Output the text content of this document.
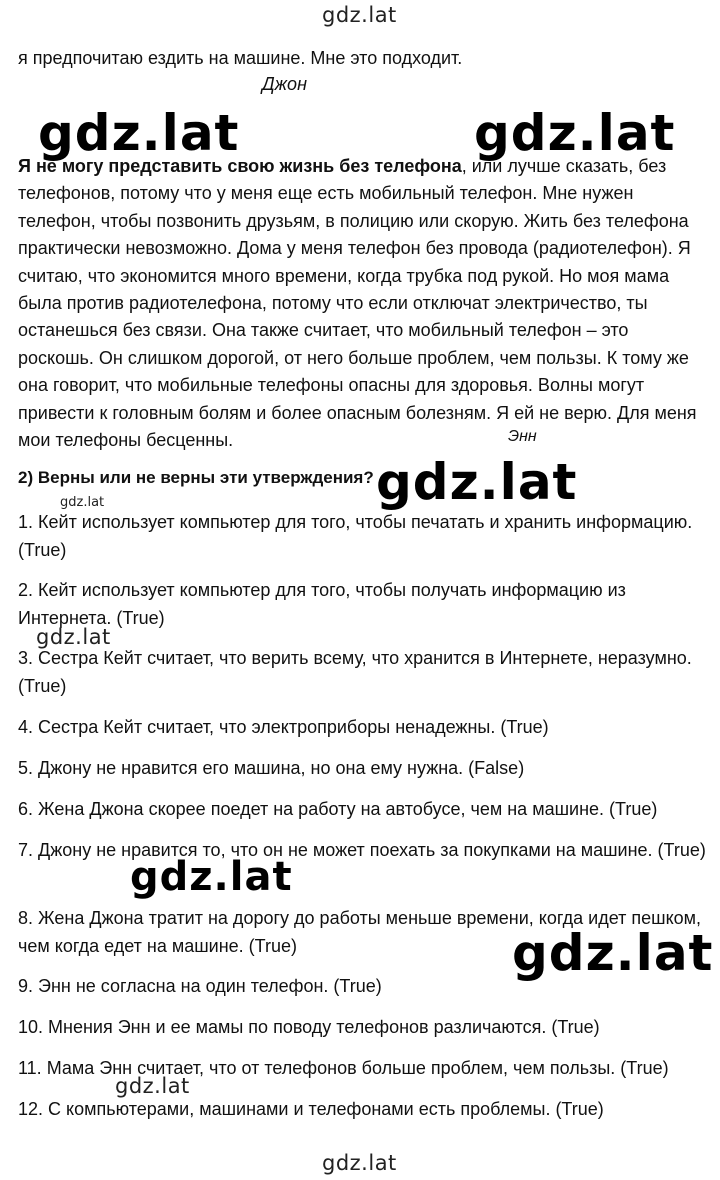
я предпочитаю ездить на машине. Мне это подходит.

Джон

Я не могу представить свою жизнь без телефона, или лучше сказать, без телефонов, потому что у меня еще есть мобильный телефон. Мне нужен телефон, чтобы позвонить друзьям, в полицию или скорую. Жить без телефона практически невозможно. Дома у меня телефон без провода (радиотелефон). Я считаю, что экономится много времени, когда трубка под рукой. Но моя мама была против радиотелефона, потому что если отключат электричество, ты останешься без связи. Она также считает, что мобильный телефон – это роскошь. Он слишком дорогой, от него больше проблем, чем пользы. К тому же она говорит, что мобильные телефоны опасны для здоровья. Волны могут привести к головным болям и более опасным болезням. Я ей не верю. Для меня мои телефоны бесценны.	Энн

2) Верны или не верны эти утверждения?

1. Кейт использует компьютер для того, чтобы печатать и хранить информацию. (True)

2. Кейт использует компьютер для того, чтобы получать информацию из Интернета. (True)

3. Сестра Кейт считает, что верить всему, что хранится в Интернете, неразумно. (True)

4. Сестра Кейт считает, что электроприборы ненадежны. (True)

5. Джону не нравится его машина, но она ему нужна. (False)

6. Жена Джона скорее поедет на работу на автобусе, чем на машине. (True)

7. Джону не нравится то, что он не может поехать за покупками на машине. (True)

8. Жена Джона тратит на дорогу до работы меньше времени, когда идет пешком, чем когда едет на машине. (True)

9. Энн не согласна на один телефон. (True)

10. Мнения Энн и ее мамы по поводу телефонов различаются. (True)

11. Мама Энн считает, что от телефонов больше проблем, чем пользы. (True)

12. С компьютерами, машинами и телефонами есть проблемы. (True)

gdz.lat
gdz.lat	gdz.lat
gdz.lat
gdz.lat
gdz.lat
gdz.lat
gdz.lat
gdz.lat
gdz.lat
